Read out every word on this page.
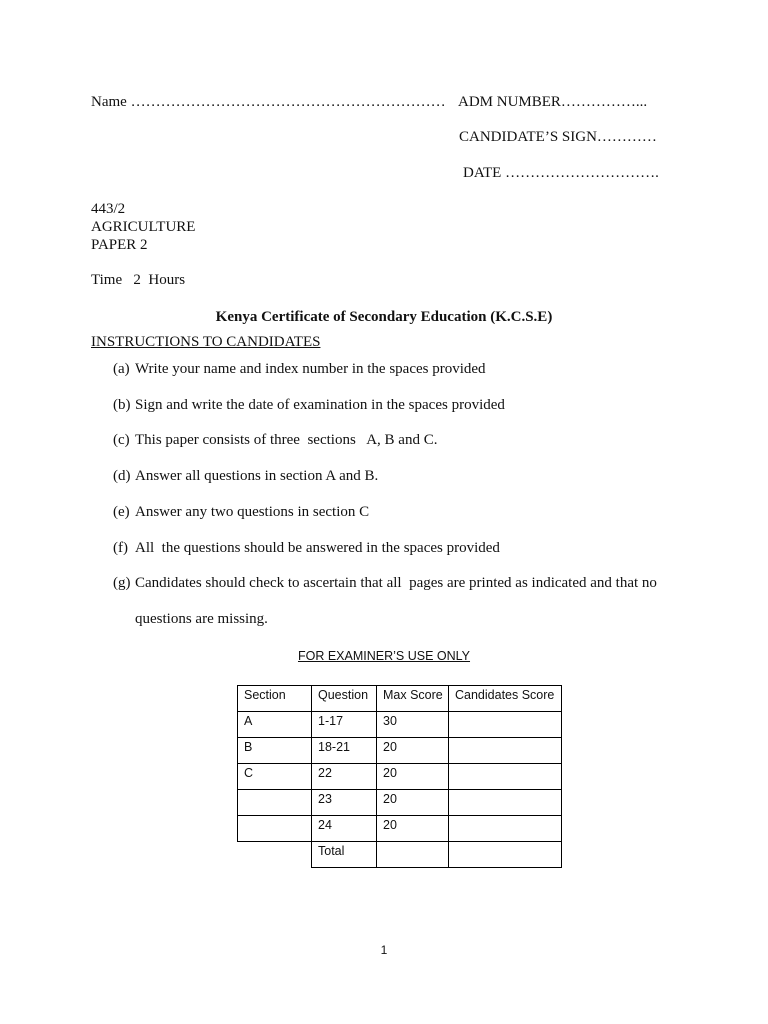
Name ……………………………………………………… ADM NUMBER……………...
CANDIDATE’S SIGN…………
DATE ………………………….
443/2
AGRICULTURE
PAPER 2
Time   2  Hours
Kenya Certificate of Secondary Education (K.C.S.E)
INSTRUCTIONS TO CANDIDATES
(a) Write your name and index number in the spaces provided
(b) Sign and write the date of examination in the spaces provided
(c) This paper consists of three  sections   A, B and C.
(d) Answer all questions in section A and B.
(e) Answer any two questions in section C
(f) All  the questions should be answered in the spaces provided
(g) Candidates should check to ascertain that all  pages are printed as indicated and that no
questions are missing.
FOR EXAMINER’S USE ONLY
Section	Question	Max Score	Candidates Score
A	1-17	30	
B	18-21	20	
C	22	20	
	23	20	
	24	20	
	Total		
1
